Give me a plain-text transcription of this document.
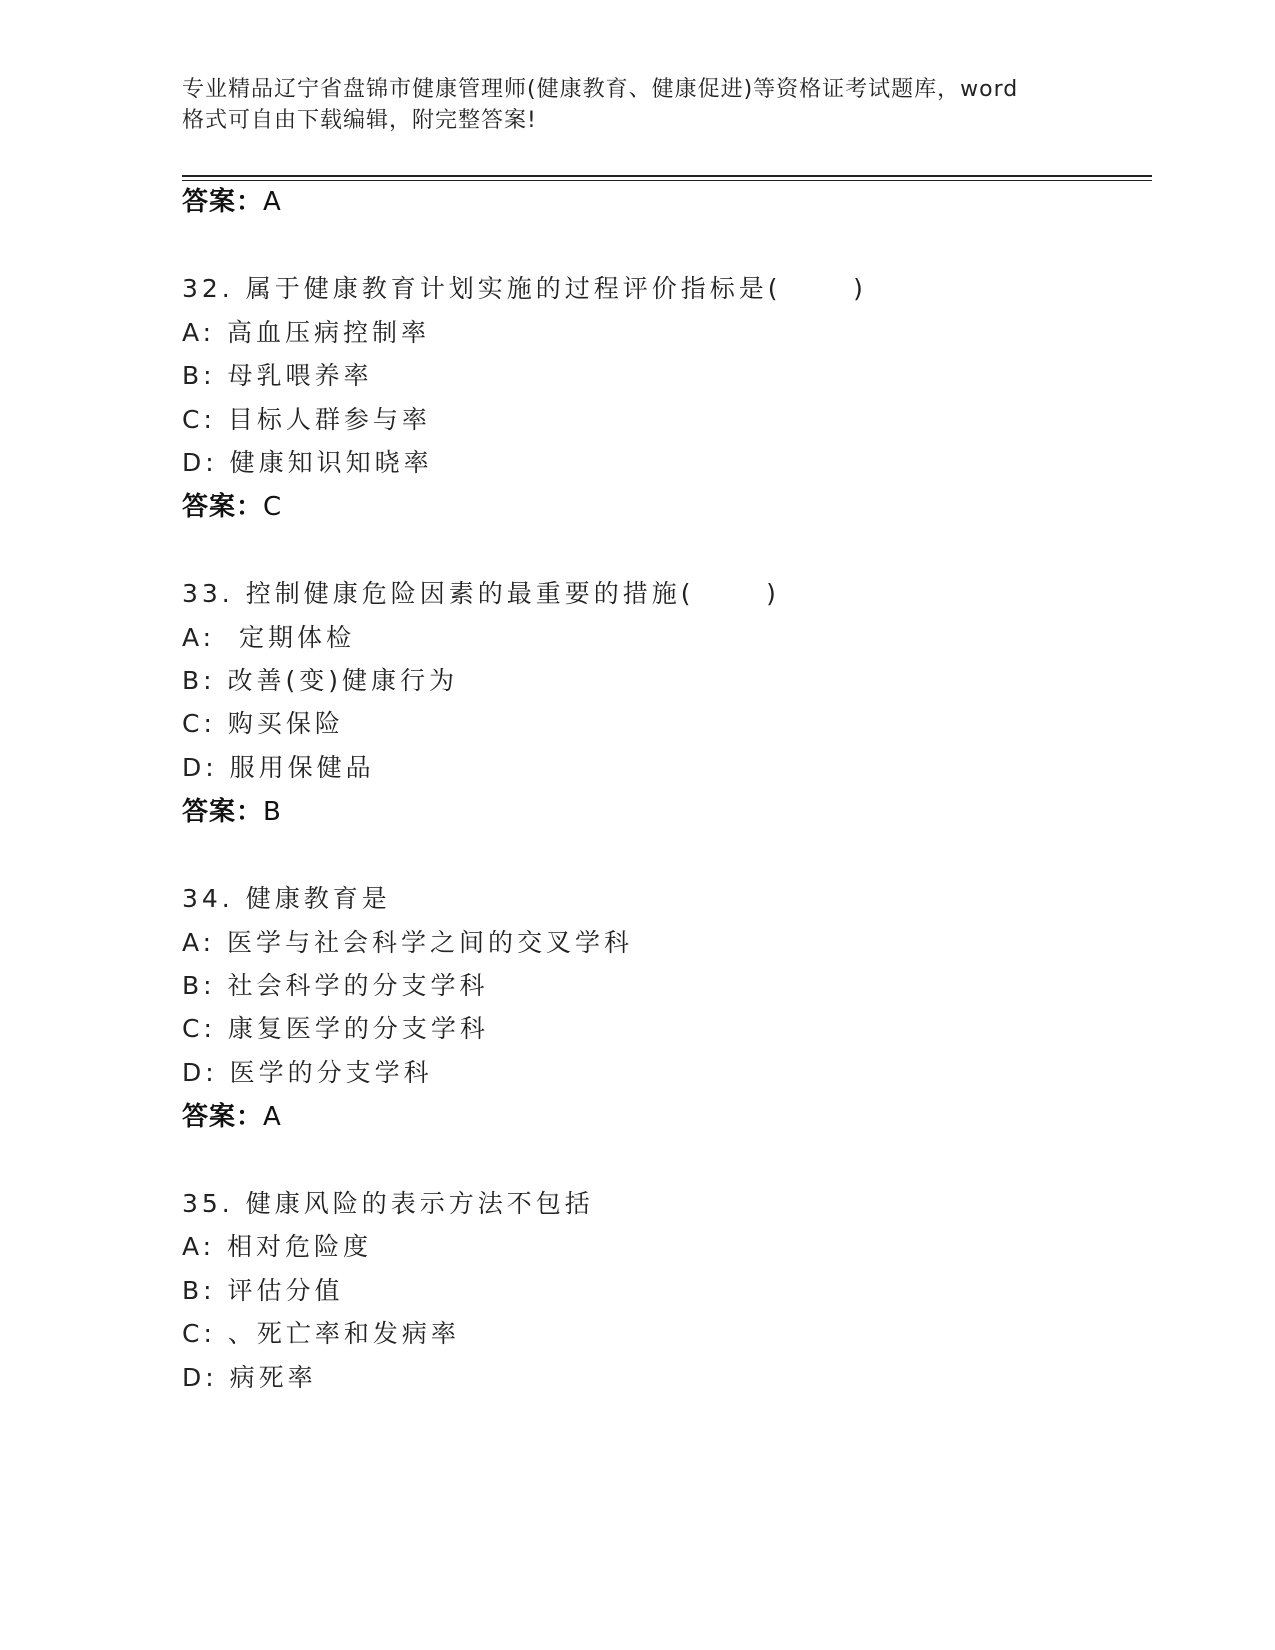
专业精品辽宁省盘锦市健康管理师(健康教育、健康促进)等资格证考试题库，word
格式可自由下载编辑，附完整答案!
答案：A
32. 属于健康教育计划实施的过程评价指标是(      )
A: 高血压病控制率
B: 母乳喂养率
C: 目标人群参与率
D: 健康知识知晓率
答案：C
33. 控制健康危险因素的最重要的措施(      )
A:  定期体检
B: 改善(变)健康行为
C: 购买保险
D: 服用保健品
答案：B
34. 健康教育是
A: 医学与社会科学之间的交叉学科
B: 社会科学的分支学科
C: 康复医学的分支学科
D: 医学的分支学科
答案：A
35. 健康风险的表示方法不包括
A: 相对危险度
B: 评估分值
C: 、死亡率和发病率
D: 病死率
